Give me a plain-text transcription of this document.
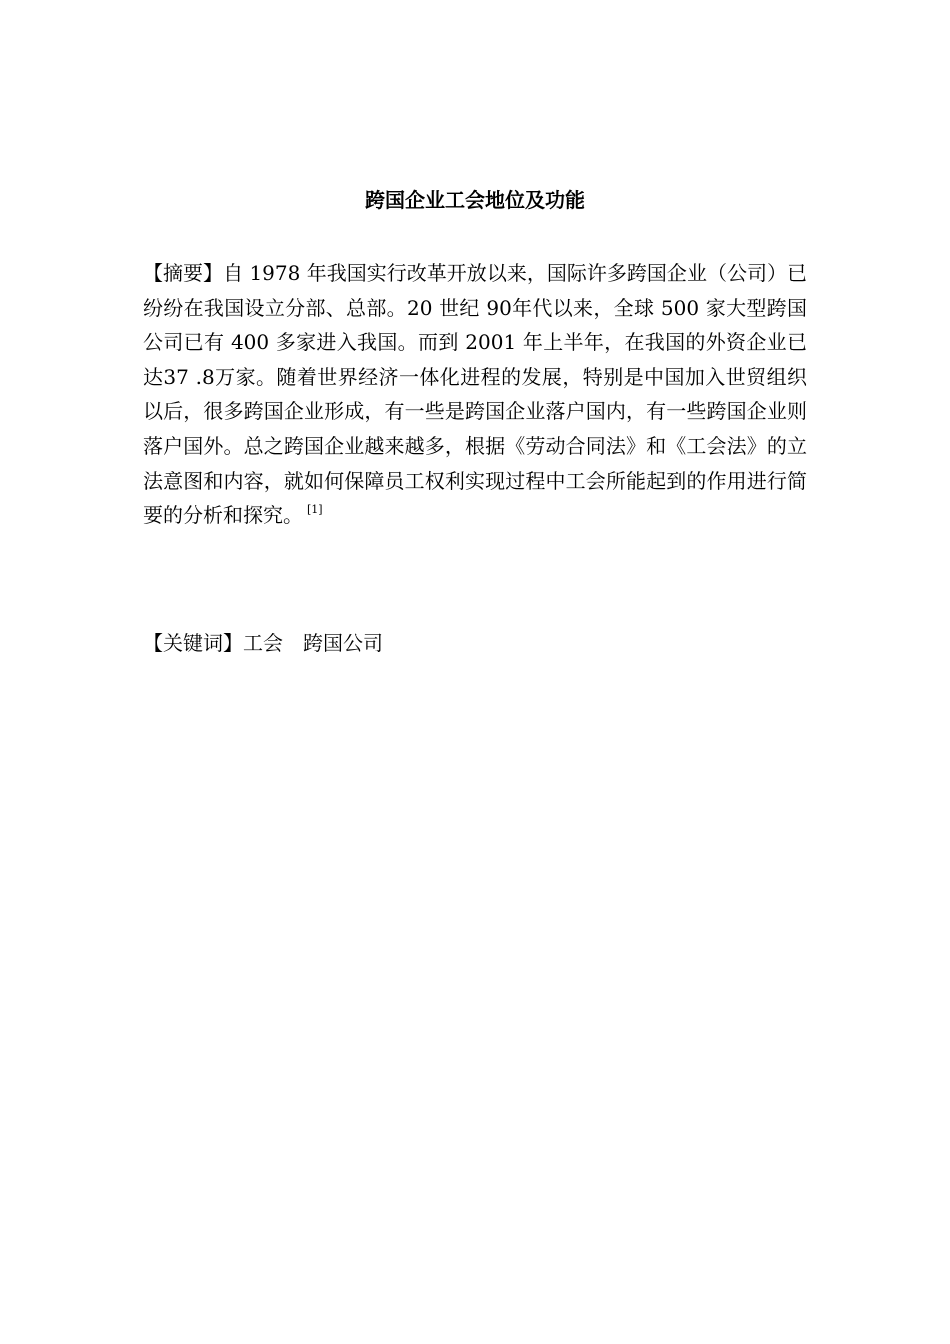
跨国企业工会地位及功能

【摘要】自 1978 年我国实行改革开放以来，国际许多跨国企业（公司）已纷纷在我国设立分部、总部。20 世纪 90年代以来，全球 500 家大型跨国公司已有 400 多家进入我国。而到 2001 年上半年，在我国的外资企业已达37 .8万家。随着世界经济一体化进程的发展，特别是中国加入世贸组织以后，很多跨国企业形成，有一些是跨国企业落户国内，有一些跨国企业则落户国外。总之跨国企业越来越多，根据《劳动合同法》和《工会法》的立法意图和内容，就如何保障员工权利实现过程中工会所能起到的作用进行简要的分析和探究。 [1]

【关键词】工会　跨国公司
